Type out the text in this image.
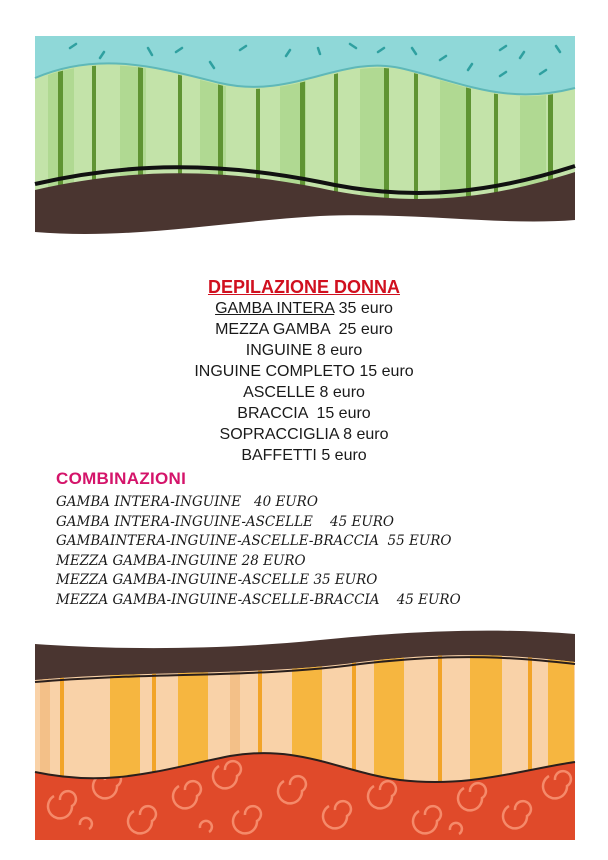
DEPILAZIONE DONNA
GAMBA INTERA 35 euro
MEZZA GAMBA  25 euro
INGUINE 8 euro
INGUINE COMPLETO 15 euro
ASCELLE 8 euro
BRACCIA  15 euro
SOPRACCIGLIA 8 euro
BAFFETTI 5 euro
COMBINAZIONI
GAMBA INTERA-INGUINE   40 EURO
GAMBA INTERA-INGUINE-ASCELLE    45 EURO
GAMBAINTERA-INGUINE-ASCELLE-BRACCIA  55 EURO
MEZZA GAMBA-INGUINE 28 EURO
MEZZA GAMBA-INGUINE-ASCELLE 35 EURO
MEZZA GAMBA-INGUINE-ASCELLE-BRACCIA    45 EURO
